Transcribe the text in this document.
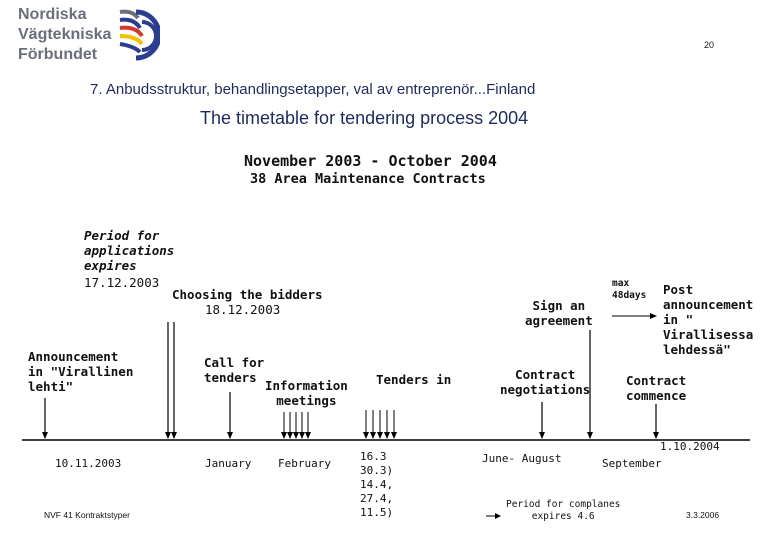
Nordiska
Vägtekniska
Förbundet
20
7. Anbudsstruktur, behandlingsetapper, val av entreprenör...Finland
The timetable for tendering process 2004
November 2003 - October 2004
38 Area Maintenance Contracts
Period for
applications
expires
17.12.2003
Choosing the bidders
18.12.2003
Announcement
in "Virallinen
lehti"
Call for
tenders
Information
meetings
Tenders in
Sign an
agreement
max
48days Post
announcement
in " Virallisessa
lehdessä"
Contract
negotiations
Contract
commence
10.11.2003	January February
16.3
30.3)
14.4,
27.4,
11.5)
June- August	September
1.10.2004
Period for complanes
expires 4.6
NVF 41 Kontraktstyper	3.3.2006
